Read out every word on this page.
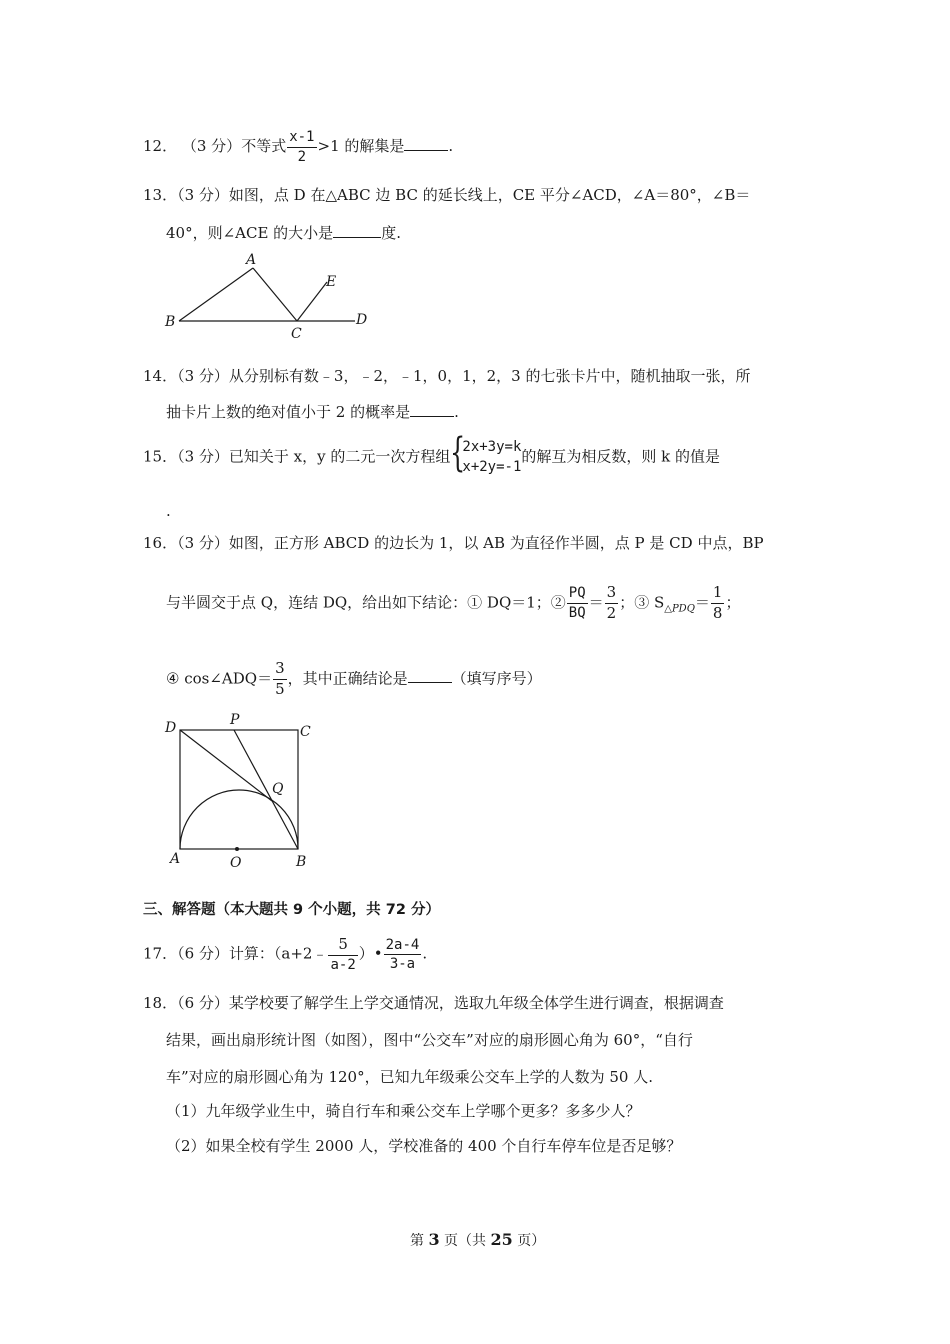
12． （3 分）不等式 $\frac{x-1}{2} >1$ 的解集是	.
13．（3 分）如图，点 D 在△ABC 边 BC 的延长线上，CE 平分∠ACD，∠A＝80°，∠B＝
40°，则∠ACE 的大小是	度.
A
B
C
D
E
14．（3 分）从分别标有数﹣3，﹣2，﹣1，0，1，2，3 的七张卡片中，随机抽取一张，所
抽卡片上数的绝对值小于 2 的概率是	.
15．（3 分）已知关于 x，y 的二元一次方程组 {
2x+3y=k
x+2y=-1
的解互为相反数，则 k 的值是
.
16．（3 分）如图，正方形 ABCD 的边长为 1，以 AB 为直径作半圆，点 P 是 CD 中点，BP
与半圆交于点 Q，连结 DQ，给出如下结论：① DQ＝1；② $\frac{PQ}{BQ} = \frac{3}{2}$ ；③ $S_{\triangle PDQ}= \frac{1}{8}$ ；
④ cos∠ADQ＝ $\frac{3}{5}$ ，其中正确结论是	（填写序号）
D	P
C
Q
A	O	B
三、解答题（本大题共 9 个小题，共 72 分）
17．（6 分）计算：（a+2﹣ $\frac{5}{a-2}$ ）• $\frac{2a-4}{3-a}$ .
18．（6 分）某学校要了解学生上学交通情况，选取九年级全体学生进行调查，根据调查
结果，画出扇形统计图（如图），图中“公交车”对应的扇形圆心角为 60°，“自行
车”对应的扇形圆心角为 120°，已知九年级乘公交车上学的人数为 50 人.
（1）九年级学业生中，骑自行车和乘公交车上学哪个更多？多多少人？
（2）如果全校有学生 2000 人，学校准备的 400 个自行车停车位是否足够？
第 3 页（共 25 页）
